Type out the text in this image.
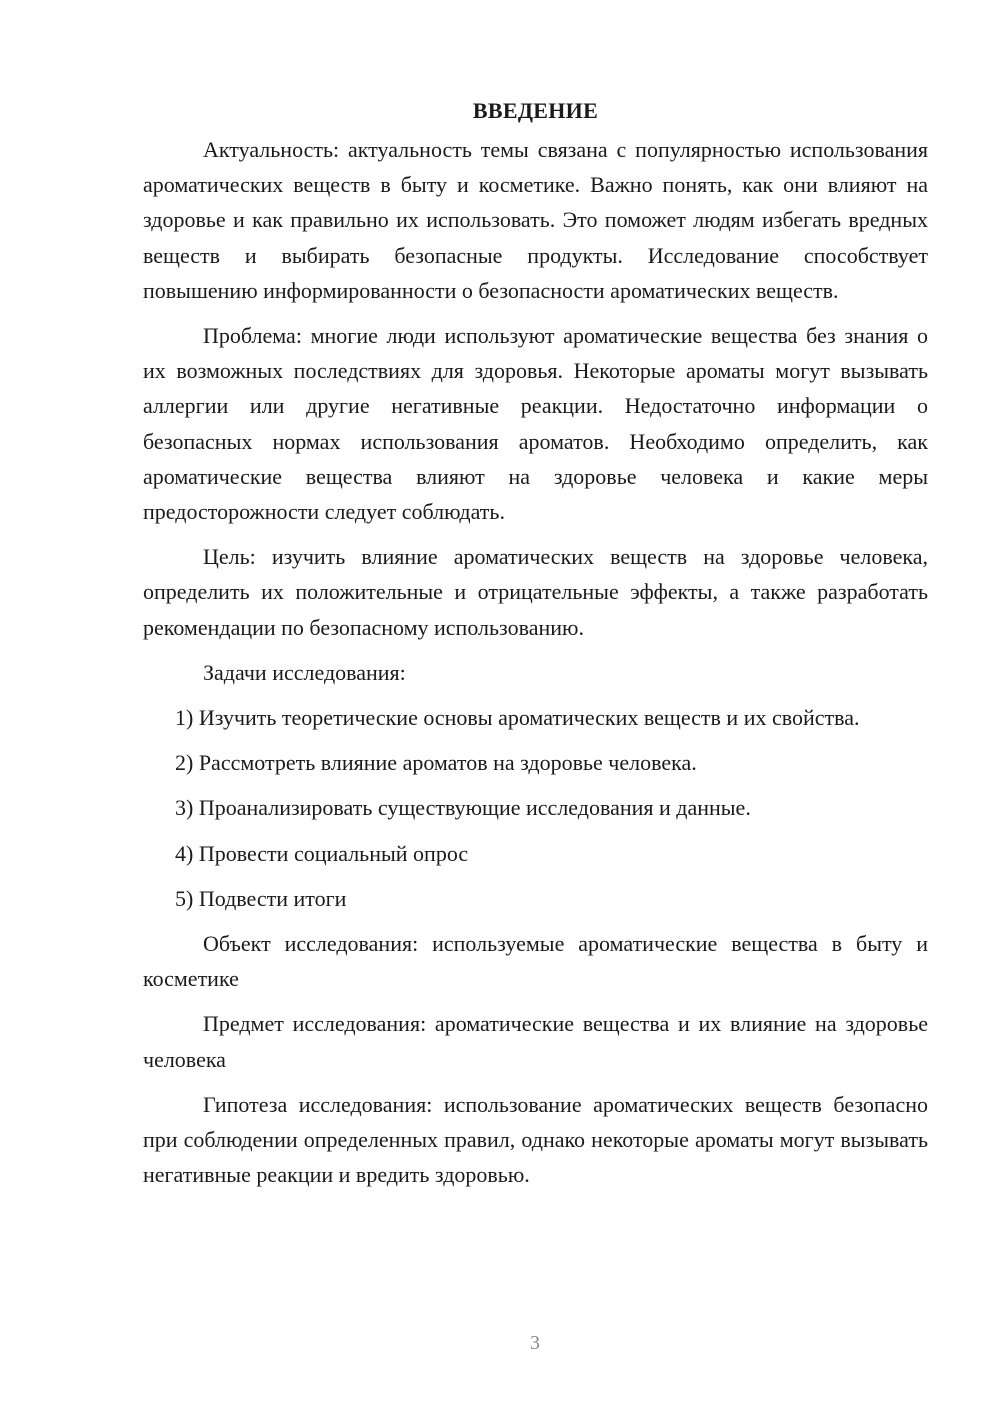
ВВЕДЕНИЕ

Актуальность: актуальность темы связана с популярностью использования ароматических веществ в быту и косметике. Важно понять, как они влияют на здоровье и как правильно их использовать. Это поможет людям избегать вредных веществ и выбирать безопасные продукты. Исследование способствует повышению информированности о безопасности ароматических веществ.

Проблема: многие люди используют ароматические вещества без знания о их возможных последствиях для здоровья. Некоторые ароматы могут вызывать аллергии или другие негативные реакции. Недостаточно информации о безопасных нормах использования ароматов. Необходимо определить, как ароматические вещества влияют на здоровье человека и какие меры предосторожности следует соблюдать.

Цель: изучить влияние ароматических веществ на здоровье человека, определить их положительные и отрицательные эффекты, а также разработать рекомендации по безопасному использованию.

Задачи исследования:

1) Изучить теоретические основы ароматических веществ и их свойства.

2) Рассмотреть влияние ароматов на здоровье человека.

3) Проанализировать существующие исследования и данные.

4) Провести социальный опрос

5) Подвести итоги

Объект исследования: используемые ароматические вещества в быту и косметике

Предмет исследования: ароматические вещества и их влияние на здоровье человека

Гипотеза исследования: использование ароматических веществ безопасно при соблюдении определенных правил, однако некоторые ароматы могут вызывать негативные реакции и вредить здоровью.

3
